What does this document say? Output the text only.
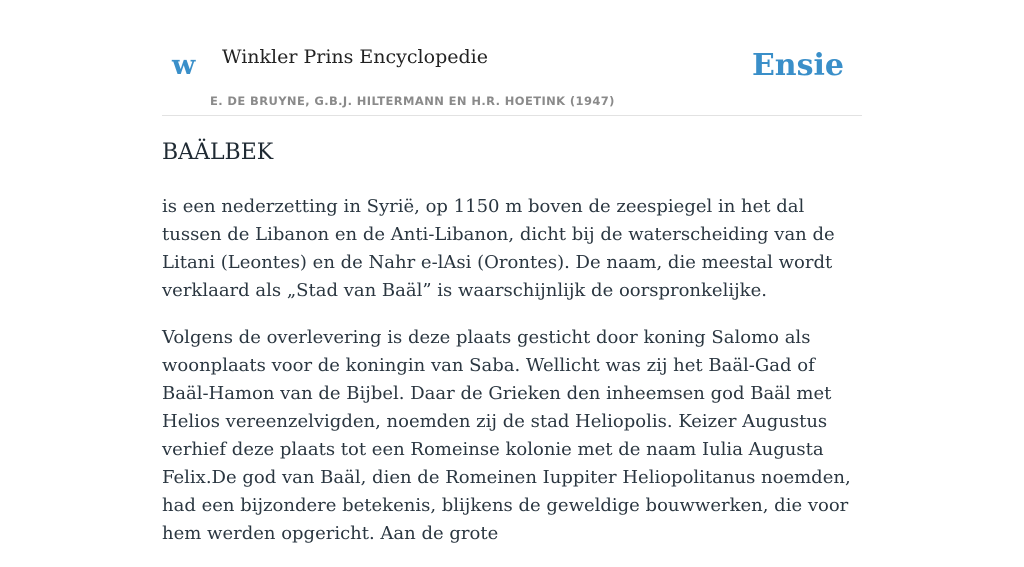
w Winkler Prins Encyclopedie
E. DE BRUYNE, G.B.J. HILTERMANN EN H.R. HOETINK (1947)
Ensie
BAÄLBEK

is een nederzetting in Syrië, op 1150 m boven de zeespiegel in het dal tussen de Libanon en de Anti-Libanon, dicht bij de waterscheiding van de Litani (Leontes) en de Nahr e-lAsi (Orontes). De naam, die meestal wordt verklaard als „Stad van Baäl” is waarschijnlijk de oorspronkelijke.

Volgens de overlevering is deze plaats gesticht door koning Salomo als woonplaats voor de koningin van Saba. Wellicht was zij het Baäl-Gad of Baäl-Hamon van de Bijbel. Daar de Grieken den inheemsen god Baäl met Helios vereenzelvigden, noemden zij de stad Heliopolis. Keizer Augustus verhief deze plaats tot een Romeinse kolonie met de naam Iulia Augusta Felix.De god van Baäl, dien de Romeinen Iuppiter Heliopolitanus noemden, had een bijzondere betekenis, blijkens de geweldige bouwwerken, die voor hem werden opgericht. Aan de grote
